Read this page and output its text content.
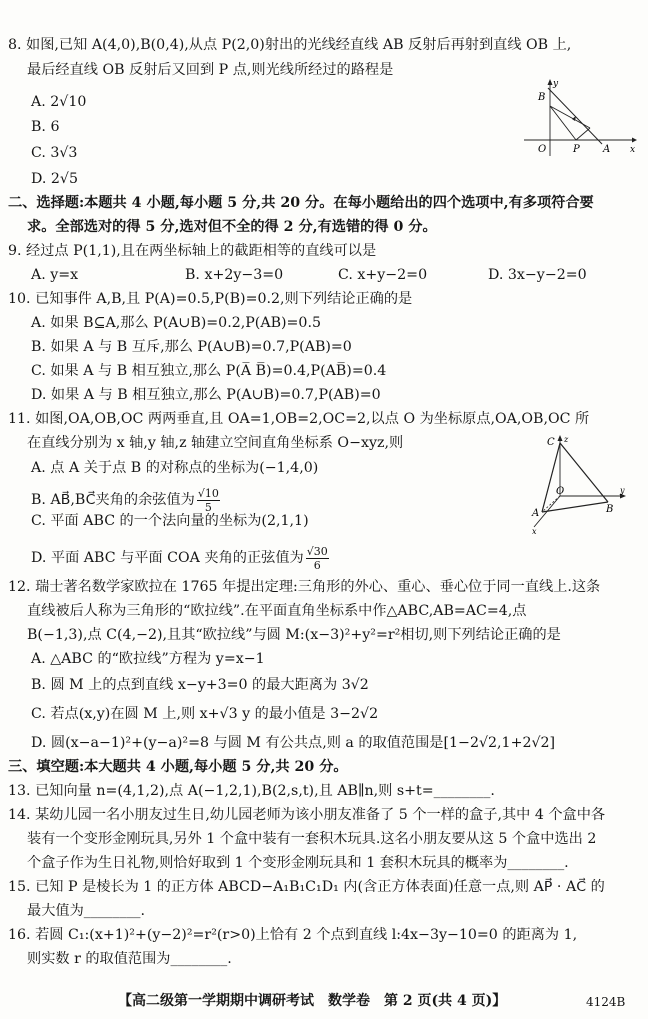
8. 如图,已知 A(4,0),B(0,4),从点 P(2,0)射出的光线经直线 AB 反射后再射到直线 OB 上,
最后经直线 OB 反射后又回到 P 点,则光线所经过的路程是
A. 2√10
B. 6
C. 3√3
D. 2√5
y
B
O	P A x
二、选择题:本题共 4 小题,每小题 5 分,共 20 分。在每小题给出的四个选项中,有多项符合要
求。全部选对的得 5 分,选对但不全的得 2 分,有选错的得 0 分。
9. 经过点 P(1,1),且在两坐标轴上的截距相等的直线可以是
A. y=x	B. x+2y−3=0	C. x+y−2=0	D. 3x−y−2=0
10. 已知事件 A,B,且 P(A)=0.5,P(B)=0.2,则下列结论正确的是
A. 如果 B⊆A,那么 P(A∪B)=0.2,P(AB)=0.5
B. 如果 A 与 B 互斥,那么 P(A∪B)=0.7,P(AB)=0
C. 如果 A 与 B 相互独立,那么 P(A̅ B̅)=0.4,P(AB̅)=0.4
D. 如果 A 与 B 相互独立,那么 P(A∪B)=0.7,P(AB)=0
11. 如图,OA,OB,OC 两两垂直,且 OA=1,OB=2,OC=2,以点 O 为坐标原点,OA,OB,OC 所
在直线分别为 x 轴,y 轴,z 轴建立空间直角坐标系 O−xyz,则
A. 点 A 关于点 B 的对称点的坐标为(−1,4,0)
B. AB⃗,BC⃗夹角的余弦值为 $\frac{√10}{5}$
C. 平面 ABC 的一个法向量的坐标为(2,1,1)
D. 平面 ABC 与平面 COA 夹角的正弦值为 $\frac{√30}{6}$
C z
O
B
y
A
x
12. 瑞士著名数学家欧拉在 1765 年提出定理:三角形的外心、重心、垂心位于同一直线上.这条
直线被后人称为三角形的“欧拉线”.在平面直角坐标系中作△ABC,AB=AC=4,点
B(−1,3),点 C(4,−2),且其“欧拉线”与圆 M:(x−3)²+y²=r²相切,则下列结论正确的是
A. △ABC 的“欧拉线”方程为 y=x−1
B. 圆 M 上的点到直线 x−y+3=0 的最大距离为 3√2
C. 若点(x,y)在圆 M 上,则 x+√3 y 的最小值是 3−2√2
D. 圆(x−a−1)²+(y−a)²=8 与圆 M 有公共点,则 a 的取值范围是[1−2√2,1+2√2]
三、填空题:本大题共 4 小题,每小题 5 分,共 20 分。
13. 已知向量 n=(4,1,2),点 A(−1,2,1),B(2,s,t),且 AB∥n,则 s+t=________.
14. 某幼儿园一名小朋友过生日,幼儿园老师为该小朋友准备了 5 个一样的盒子,其中 4 个盒中各
装有一个变形金刚玩具,另外 1 个盒中装有一套积木玩具.这名小朋友要从这 5 个盒中选出 2
个盒子作为生日礼物,则恰好取到 1 个变形金刚玩具和 1 套积木玩具的概率为________.
15. 已知 P 是棱长为 1 的正方体 ABCD−A₁B₁C₁D₁ 内(含正方体表面)任意一点,则 AP⃗ · AC⃗ 的
最大值为________.
16. 若圆 C₁:(x+1)²+(y−2)²=r²(r>0)上恰有 2 个点到直线 l:4x−3y−10=0 的距离为 1,
则实数 r 的取值范围为________.
【高二级第一学期期中调研考试　数学卷　第 2 页(共 4 页)】	4124B
